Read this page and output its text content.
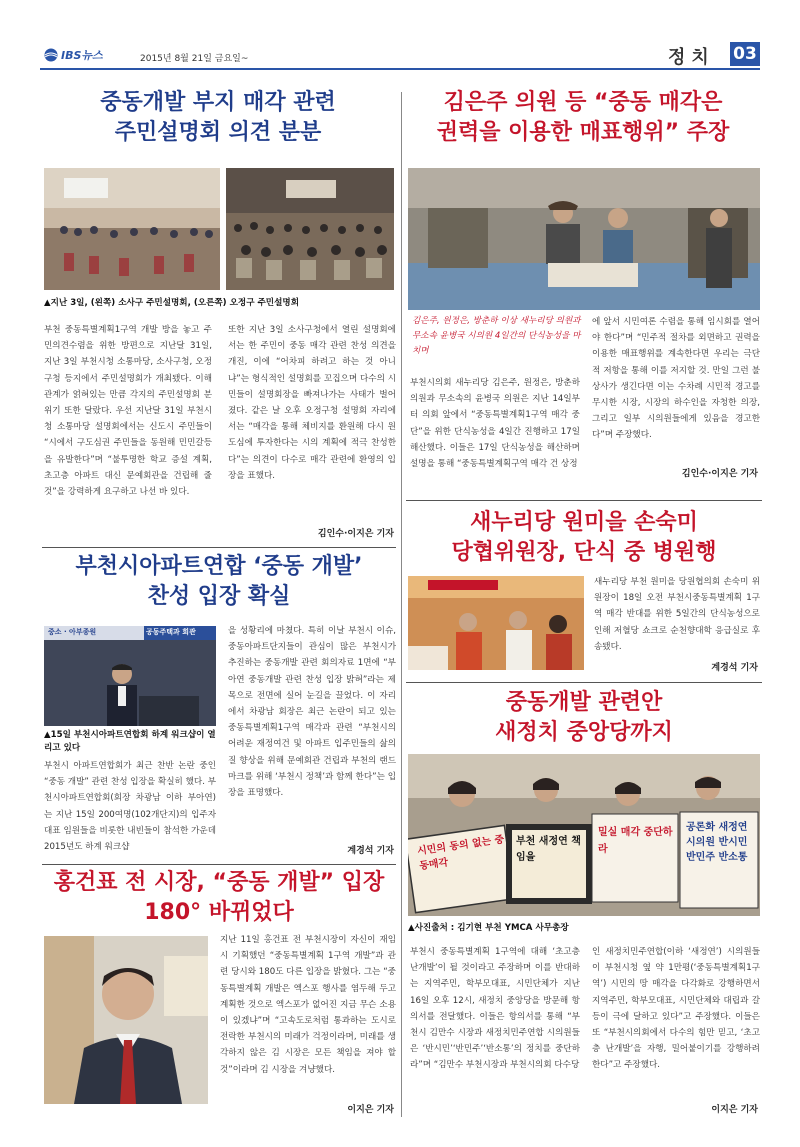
IBS뉴스	2015년 8월 21일 금요일~	정치 03
중동개발 부지 매각 관련
주민설명회 의견 분분
▲지난 3일, (왼쪽) 소사구 주민설명회, (오른쪽) 오정구 주민설명회

부천 중동특별계획1구역 개발 방을 놓고 주민의견수렴을 위한 방편으로 지난달 31일, 지난 3일 부천시청 소통마당, 소사구청, 오정구청 등지에서 주민설명회가 개최됐다. 이해관계가 얽혀있는 만큼 각지의 주민설명회 분위기 또한 달랐다. 우선 지난달 31일 부천시청 소통마당 설명회에서는 신도시 주민들이 “시에서 구도심권 주민들을 동원해 민민갈등을 유발한다”며 “불투명한 학교 증설 계획, 초고층 아파트 대신 문예회관을 건립해 줄 것”을 강력하게 요구하고 나선 바 있다.

또한 지난 3일 소사구청에서 열린 설명회에서는 한 주민이 중동 매각 관련 찬성 의견을 개진, 이에 “어차피 하려고 하는 것 아니냐”는 형식적인 설명회를 꼬집으며 다수의 시민들이 설명회장을 빠져나가는 사태가 벌어졌다. 같은 날 오후 오정구청 설명회 자리에서는 “매각을 통해 체비지를 환원해 다시 원도심에 투자한다는 시의 계획에 적극 찬성한다”는 의견이 다수로 매각 관련에 환영의 입장을 표했다.

김인수·이지은 기자
김은주 의원 등 “중동 매각은
권력을 이용한 매표행위” 주장
김은주, 원정은, 방춘하 이상 새누리당 의원과 무소속 윤병국 시의원 4일간의 단식농성을 마치며

부천시의회 새누리당 김은주, 원정은, 방춘하 의원과 무소속의 윤병국 의원은 지난 14일부터 의회 앞에서 “중동특별계획1구역 매각 중단”을 위한 단식농성을 4일간 진행하고 17일 해산했다. 이들은 17일 단식농성을 해산하며 설명을 통해 “중동특별계획구역 매각 건 상정

에 앞서 시민여론 수렴을 통해 임시회를 열어야 한다”며 “민주적 절차를 외면하고 권력을 이용한 매표행위를 계속한다면 우리는 극단적 저항을 통해 이를 저지할 것. 만일 그런 불상사가 생긴다면 이는 수차례 시민적 경고를 무시한 시장, 시장의 하수인을 자청한 의장, 그리고 일부 시의원들에게 있음을 경고한다”며 주장했다.

김인수·이지은 기자
부천시아파트연합 ‘중동 개발’
찬성 입장 확실
중소 · 아부종원	공동주택과 회관
▲15일 부천시아파트연합회 하계 워크샵이 열리고 있다

부천시 아파트연합회가 최근 찬반 논란 중인 “중동 개발” 관련 찬성 입장을 확실히 했다. 부천시아파트연합회(회장 차광남 이하 부아연)는 지난 15일 200여명(102개단지)의 입주자 대표 임원들을 비롯한 내빈들이 참석한 가운데 2015년도 하계 워크샵

을 성황리에 마쳤다. 특히 이날 부천시 이슈, 중동아파트단지들이 관심이 많은 부천시가 추진하는 중동개발 관련 회의자료 1면에 “부아연 중동개발 관련 찬성 입장 밝혀”라는 제목으로 전면에 실어 눈길을 끌었다. 이 자리에서 차광남 회장은 최근 논란이 되고 있는 중동특별계획1구역 매각과 관련 “부천시의 어려운 재정여건 및 아파트 입주민들의 삶의 질 향상을 위해 문예회관 건립과 부천의 랜드마크를 위해 ‘부천시 정책’과 함께 한다”는 입장을 표명했다.

계경석 기자
새누리당 원미을 손숙미
당협위원장, 단식 중 병원행

새누리당 부천 원미을 당원협의회 손숙미 위원장이 18일 오전 부천시중동특별계획 1구역 매각 반대를 위한 5일간의 단식농성으로 인해 저혈당 쇼크로 순천향대학 응급실로 후송됐다.

계경석 기자
중동개발 관련안
새정치 중앙당까지
시민의 동의 없는 중동매각
부천 새정연 책임을
밀실 매각 중단하라
공론화 새정연 시의원 반시민 반민주 반소통
▲사진출처 : 김기현 부천 YMCA 사무총장

부천시 중동특별계획 1구역에 대해 ‘초고층 난개발’이 될 것이라고 주장하며 이를 반대하는 지역주민, 학부모대표, 시민단체가 지난 16일 오후 12시, 새정치 중앙당을 방문해 항의서를 전달했다. 이들은 항의서를 통해 “부천시 김만수 시장과 새정치민주연합 시의원들은 ‘반시민’‘반민주’‘반소통’의 정치를 중단하라”며 “김만수 부천시장과 부천시의회 다수당

인 새정치민주연합(이하 ‘새정연’) 시의원들이 부천시청 옆 약 1만평(‘중동특별계획1구역’) 시민의 땅 매각을 다각화로 강행하면서 지역주민, 학부모대표, 시민단체와 대립과 갈등이 극에 달하고 있다”고 주장했다. 이들은 또 “부천시의회에서 다수의 힘만 믿고, ‘초고층 난개발’을 자행, 밀어붙이기를 강행하려 한다”고 주장했다.

이지은 기자
홍건표 전 시장, “중동 개발” 입장
180° 바뀌었다

지난 11일 홍건표 전 부천시장이 자신이 재임시 기획했던 “중동특별계획 1구역 개발”과 관련 당시와 180도 다른 입장을 밝혔다. 그는 “중동특별계획 개발은 엑스포 행사를 염두해 두고 계획한 것으로 엑스포가 없어진 지금 무슨 소용이 있겠냐”며 “고속도로처럼 통과하는 도시로 전락한 부천시의 미래가 걱정이라며, 미래를 생각하지 않은 김 시장은 모든 책임을 져야 할 것”이라며 김 시장을 겨냥했다.

이지은 기자
